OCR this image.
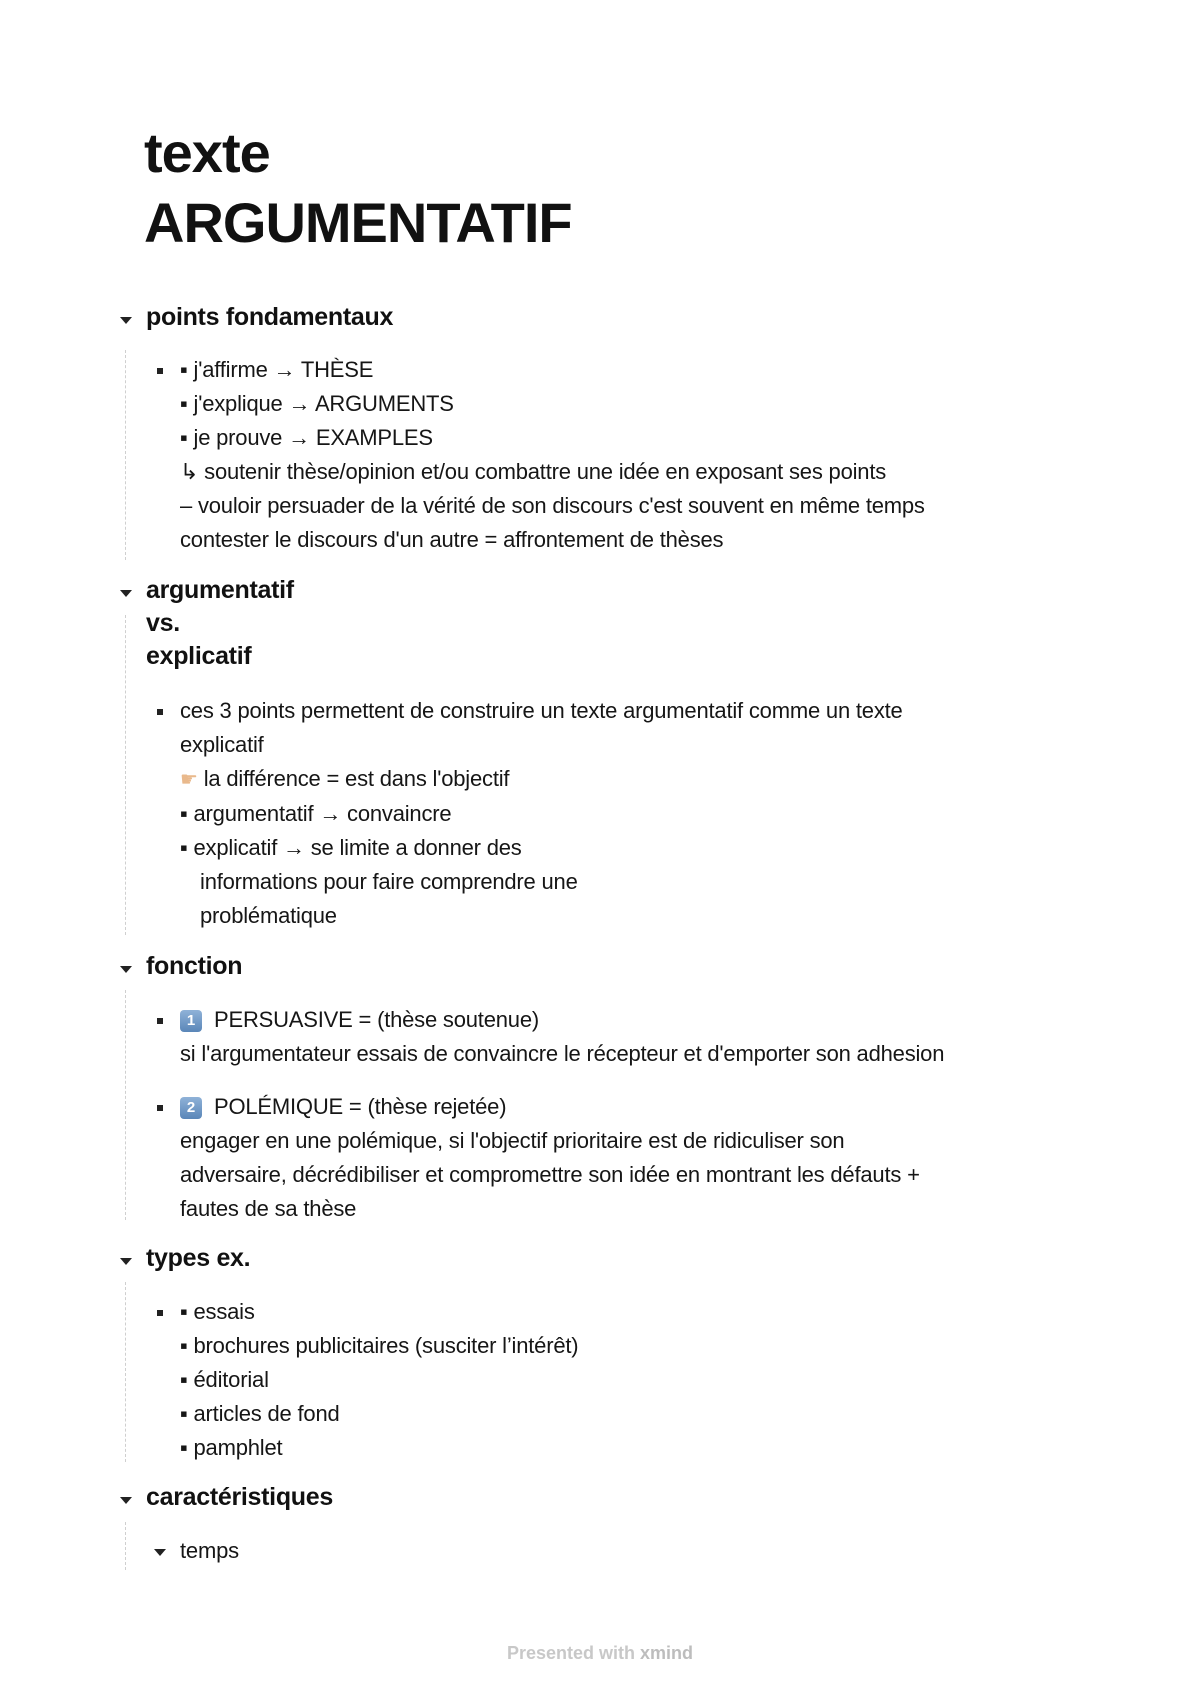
texte
ARGUMENTATIF
points fondamentaux
▪ j'affirme → THÈSE
▪ j'explique → ARGUMENTS
▪ je prouve → EXAMPLES
↳ soutenir thèse/opinion et/ou combattre une idée en exposant ses points
– vouloir persuader de la vérité de son discours c'est souvent en même temps
contester le discours d'un autre = affrontement de thèses
argumentatif
vs.
explicatif
ces 3 points permettent de construire un texte argumentatif comme un texte
explicatif
☛ la différence = est dans l'objectif
▪ argumentatif → convaincre
▪ explicatif → se limite a donner des
informations pour faire comprendre une
problématique
fonction
1 PERSUASIVE = (thèse soutenue)
si l'argumentateur essais de convaincre le récepteur et d'emporter son adhesion
2 POLÉMIQUE = (thèse rejetée)
engager en une polémique, si l'objectif prioritaire est de ridiculiser son
adversaire, décrédibiliser et compromettre son idée en montrant les défauts +
fautes de sa thèse
types ex.
▪ essais
▪ brochures publicitaires (susciter l’intérêt)
▪ éditorial
▪ articles de fond
▪ pamphlet
caractéristiques
temps
Presented with xmind
